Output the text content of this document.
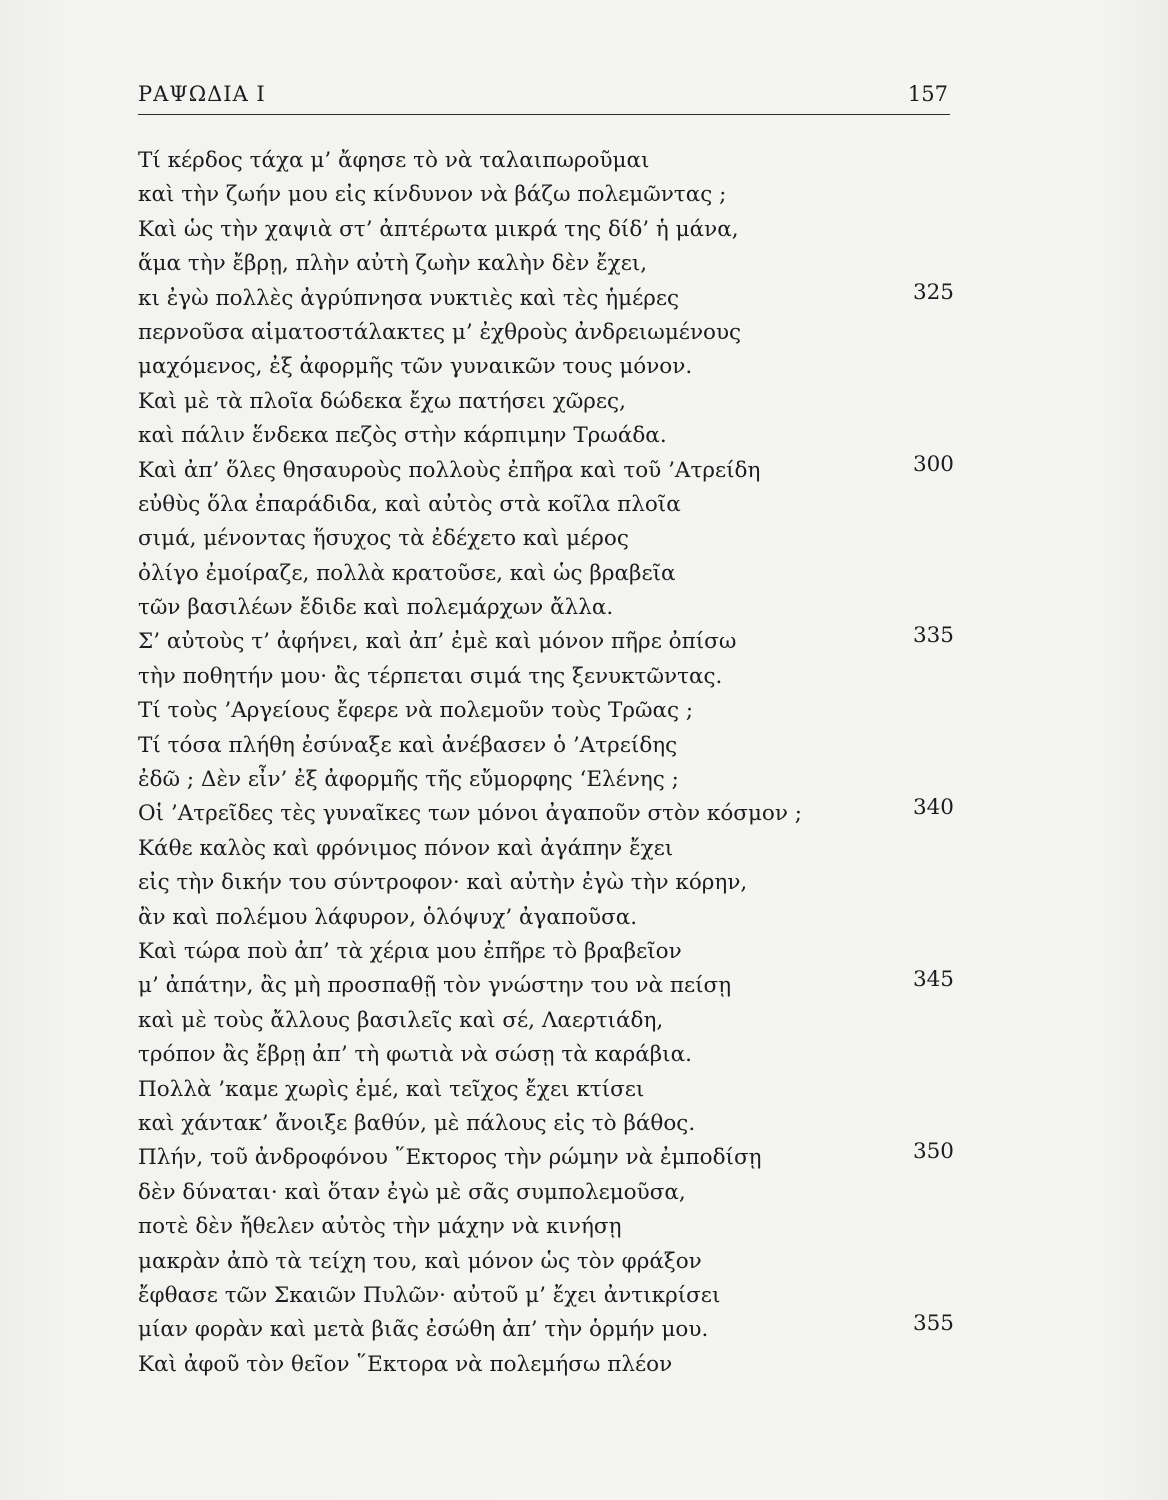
ΡΑΨΩΔΙΑ Ι	157
Τί κέρδος τάχα μ’ ἄφησε τὸ νὰ ταλαιπωροῦμαι
καὶ τὴν ζωήν μου εἰς κίνδυνον νὰ βάζω πολεμῶντας ;
Καὶ ὡς τὴν χαψιὰ στ’ ἀπτέρωτα μικρά της δίδ’ ἡ μάνα,
ἅμα τὴν ἔβρῃ, πλὴν αὐτὴ ζωὴν καλὴν δὲν ἔχει,
κι ἐγὼ πολλὲς ἀγρύπνησα νυκτιὲς καὶ τὲς ἡμέρες	325
περνοῦσα αἱματοστάλακτες μ’ ἐχθροὺς ἀνδρειωμένους
μαχόμενος, ἐξ ἀφορμῆς τῶν γυναικῶν τους μόνον.
Καὶ μὲ τὰ πλοῖα δώδεκα ἔχω πατήσει χῶρες,
καὶ πάλιν ἕνδεκα πεζὸς στὴν κάρπιμην Τρωάδα.
Καὶ ἀπ’ ὅλες θησαυροὺς πολλοὺς ἐπῆρα καὶ τοῦ ’Ατρείδη	300
εὐθὺς ὅλα ἐπαράδιδα, καὶ αὐτὸς στὰ κοῖλα πλοῖα
σιμά, μένοντας ἥσυχος τὰ ἐδέχετο καὶ μέρος
ὀλίγο ἐμοίραζε, πολλὰ κρατοῦσε, καὶ ὡς βραβεῖα
τῶν βασιλέων ἔδιδε καὶ πολεμάρχων ἄλλα.
Σ’ αὐτοὺς τ’ ἀφήνει, καὶ ἀπ’ ἐμὲ καὶ μόνον πῆρε ὀπίσω	335
τὴν ποθητήν μου· ἂς τέρπεται σιμά της ξενυκτῶντας.
Τί τοὺς ’Αργείους ἔφερε νὰ πολεμοῦν τοὺς Τρῶας ;
Τί τόσα πλήθη ἐσύναξε καὶ ἀνέβασεν ὁ ’Ατρείδης
ἐδῶ ; Δὲν εἶν’ ἐξ ἀφορμῆς τῆς εὔμορφης ‘Ελένης ;
Οἱ ’Ατρεῖδες τὲς γυναῖκες των μόνοι ἀγαποῦν στὸν κόσμον ;	340
Κάθε καλὸς καὶ φρόνιμος πόνον καὶ ἀγάπην ἔχει
εἰς τὴν δικήν του σύντροφον· καὶ αὐτὴν ἐγὼ τὴν κόρην,
ἂν καὶ πολέμου λάφυρον, ὁλόψυχ’ ἀγαποῦσα.
Καὶ τώρα ποὺ ἀπ’ τὰ χέρια μου ἐπῆρε τὸ βραβεῖον
μ’ ἀπάτην, ἂς μὴ προσπαθῇ τὸν γνώστην του νὰ πείσῃ	345
καὶ μὲ τοὺς ἄλλους βασιλεῖς καὶ σέ, Λαερτιάδη,
τρόπον ἂς ἔβρῃ ἀπ’ τὴ φωτιὰ νὰ σώσῃ τὰ καράβια.
Πολλὰ ’καμε χωρὶς ἐμέ, καὶ τεῖχος ἔχει κτίσει
καὶ χάντακ’ ἄνοιξε βαθύν, μὲ πάλους εἰς τὸ βάθος.
Πλήν, τοῦ ἀνδροφόνου ῞Εκτορος τὴν ρώμην νὰ ἐμποδίσῃ	350
δὲν δύναται· καὶ ὅταν ἐγὼ μὲ σᾶς συμπολεμοῦσα,
ποτὲ δὲν ἤθελεν αὐτὸς τὴν μάχην νὰ κινήσῃ
μακρὰν ἀπὸ τὰ τείχη του, καὶ μόνον ὡς τὸν φράξον
ἔφθασε τῶν Σκαιῶν Πυλῶν· αὐτοῦ μ’ ἔχει ἀντικρίσει
μίαν φορὰν καὶ μετὰ βιᾶς ἐσώθη ἀπ’ τὴν ὁρμήν μου.	355
Καὶ ἀφοῦ τὸν θεῖον ῞Εκτορα νὰ πολεμήσω πλέον
